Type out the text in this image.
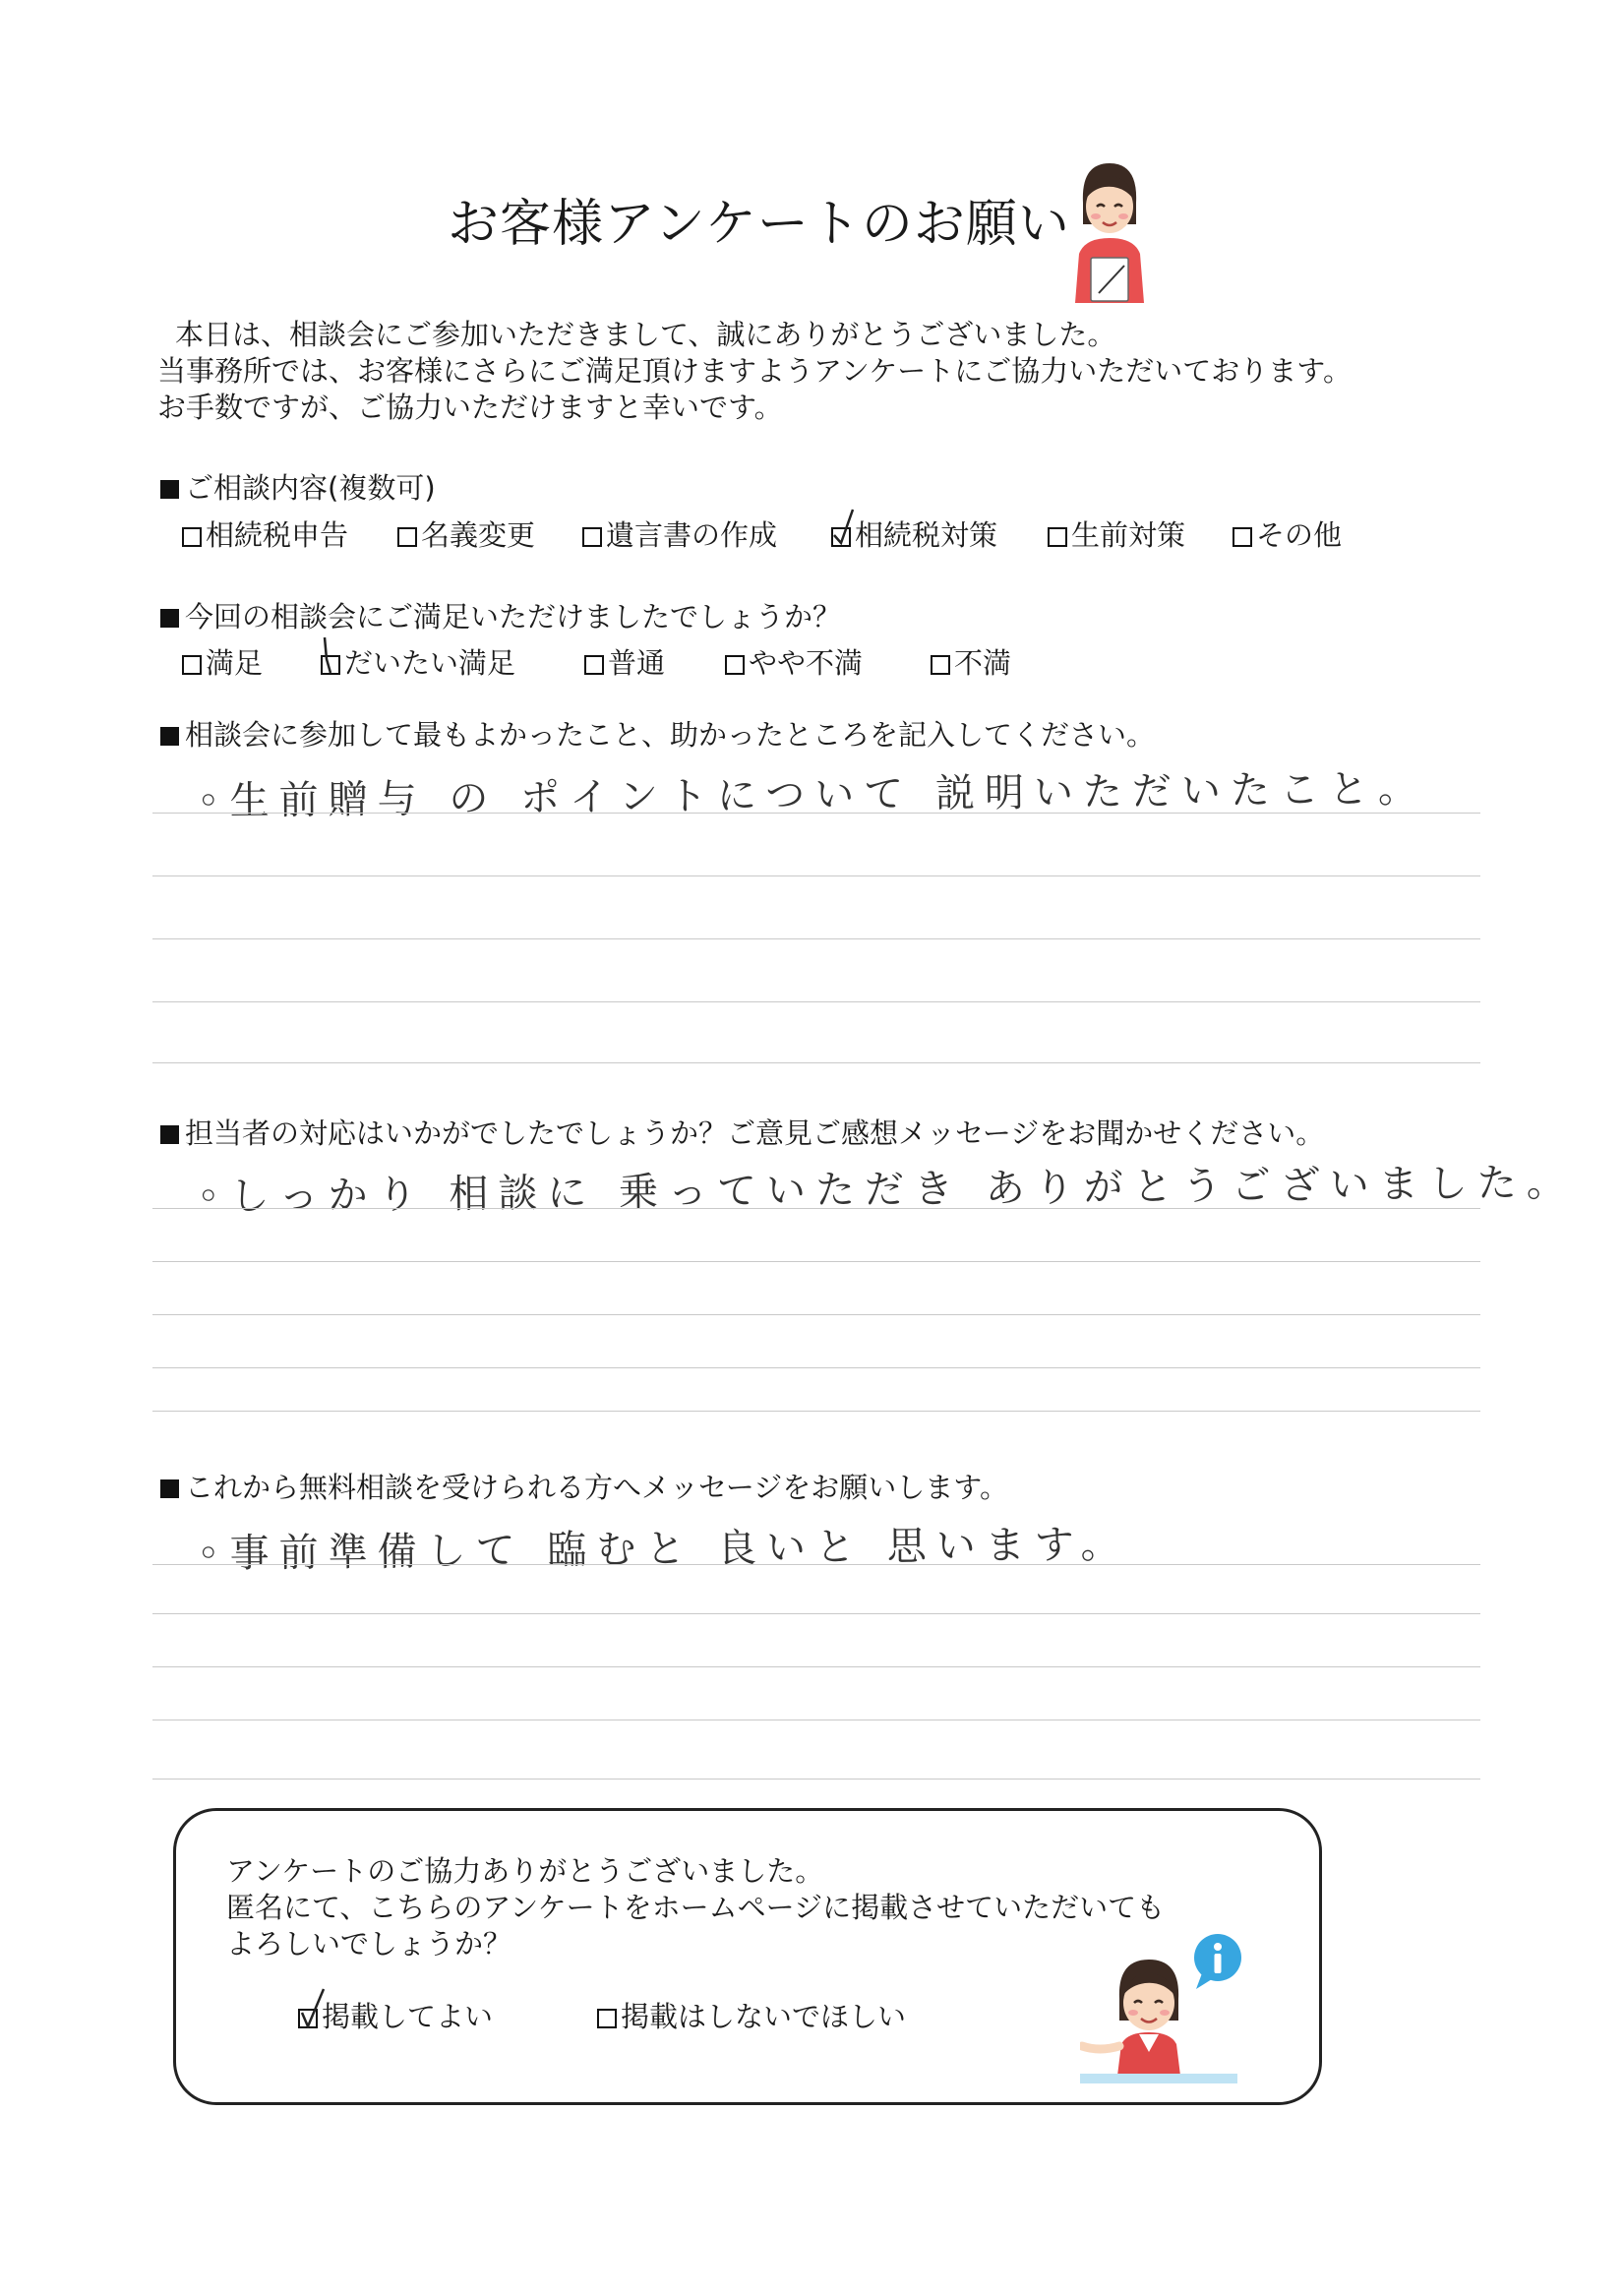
お客様アンケートのお願い
本日は、相談会にご参加いただきまして、誠にありがとうございました。
当事務所では、お客様にさらにご満足頂けますようアンケートにご協力いただいております。
お手数ですが、ご協力いただけますと幸いです。
ご相談内容(複数可)
相続税申告	名義変更	遺言書の作成	相続税対策	生前対策	その他
今回の相談会にご満足いただけましたでしょうか？
満足	だいたい満足	普通	やや不満	不満
相談会に参加して最もよかったこと、助かったところを記入してください。
◦生前贈与 の ポイントについて 説明いただいたこと。
担当者の対応はいかがでしたでしょうか？ご意見ご感想メッセージをお聞かせください。
◦しっかり 相談に 乗っていただき ありがとうございました。
これから無料相談を受けられる方へメッセージをお願いします。
◦事前準備して 臨むと 良いと 思います。
アンケートのご協力ありがとうございました。
匿名にて、こちらのアンケートをホームページに掲載させていただいても
よろしいでしょうか？
掲載してよい	掲載はしないでほしい
